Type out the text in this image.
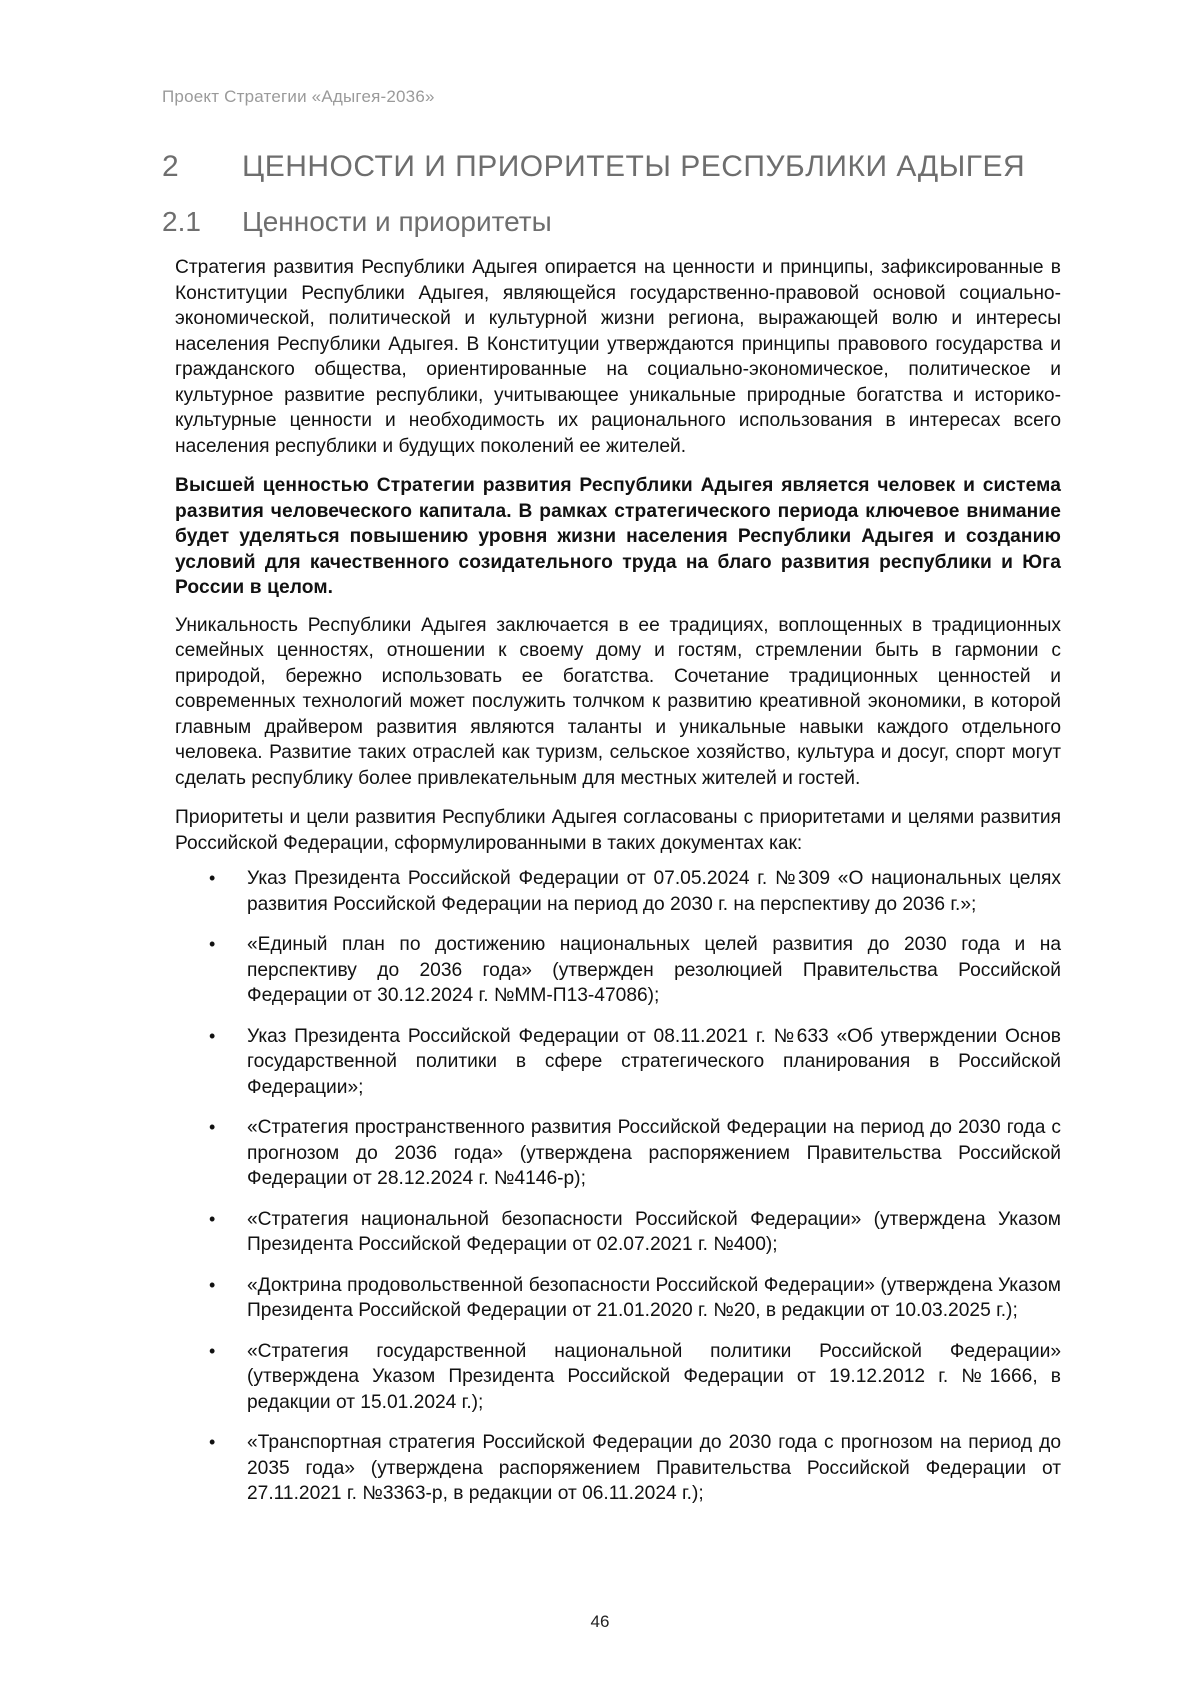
Проект Стратегии «Адыгея-2036»
2 ЦЕННОСТИ И ПРИОРИТЕТЫ РЕСПУБЛИКИ АДЫГЕЯ
2.1 Ценности и приоритеты

Стратегия развития Республики Адыгея опирается на ценности и принципы, зафиксированные в Конституции Республики Адыгея, являющейся государственно-правовой основой социально-экономической, политической и культурной жизни региона, выражающей волю и интересы населения Республики Адыгея. В Конституции утверждаются принципы правового государства и гражданского общества, ориентированные на социально-экономическое, политическое и культурное развитие республики, учитывающее уникальные природные богатства и историко-культурные ценности и необходимость их рационального использования в интересах всего населения республики и будущих поколений ее жителей.

Высшей ценностью Стратегии развития Республики Адыгея является человек и система развития человеческого капитала. В рамках стратегического периода ключевое внимание будет уделяться повышению уровня жизни населения Республики Адыгея и созданию условий для качественного созидательного труда на благо развития республики и Юга России в целом.

Уникальность Республики Адыгея заключается в ее традициях, воплощенных в традиционных семейных ценностях, отношении к своему дому и гостям, стремлении быть в гармонии с природой, бережно использовать ее богатства. Сочетание традиционных ценностей и современных технологий может послужить толчком к развитию креативной экономики, в которой главным драйвером развития являются таланты и уникальные навыки каждого отдельного человека. Развитие таких отраслей как туризм, сельское хозяйство, культура и досуг, спорт могут сделать республику более привлекательным для местных жителей и гостей.

Приоритеты и цели развития Республики Адыгея согласованы с приоритетами и целями развития Российской Федерации, сформулированными в таких документах как:

• Указ Президента Российской Федерации от 07.05.2024 г. №309 «О национальных целях развития Российской Федерации на период до 2030 г. на перспективу до 2036 г.»;
• «Единый план по достижению национальных целей развития до 2030 года и на перспективу до 2036 года» (утвержден резолюцией Правительства Российской Федерации от 30.12.2024 г. №ММ-П13-47086);
• Указ Президента Российской Федерации от 08.11.2021 г. №633 «Об утверждении Основ государственной политики в сфере стратегического планирования в Российской Федерации»;
• «Стратегия пространственного развития Российской Федерации на период до 2030 года с прогнозом до 2036 года» (утверждена распоряжением Правительства Российской Федерации от 28.12.2024 г. №4146-р);
• «Стратегия национальной безопасности Российской Федерации» (утверждена Указом Президента Российской Федерации от 02.07.2021 г. №400);
• «Доктрина продовольственной безопасности Российской Федерации» (утверждена Указом Президента Российской Федерации от 21.01.2020 г. №20, в редакции от 10.03.2025 г.);
• «Стратегия государственной национальной политики Российской Федерации» (утверждена Указом Президента Российской Федерации от 19.12.2012 г. №1666, в редакции от 15.01.2024 г.);
• «Транспортная стратегия Российской Федерации до 2030 года с прогнозом на период до 2035 года» (утверждена распоряжением Правительства Российской Федерации от 27.11.2021 г. №3363-р, в редакции от 06.11.2024 г.);
46
